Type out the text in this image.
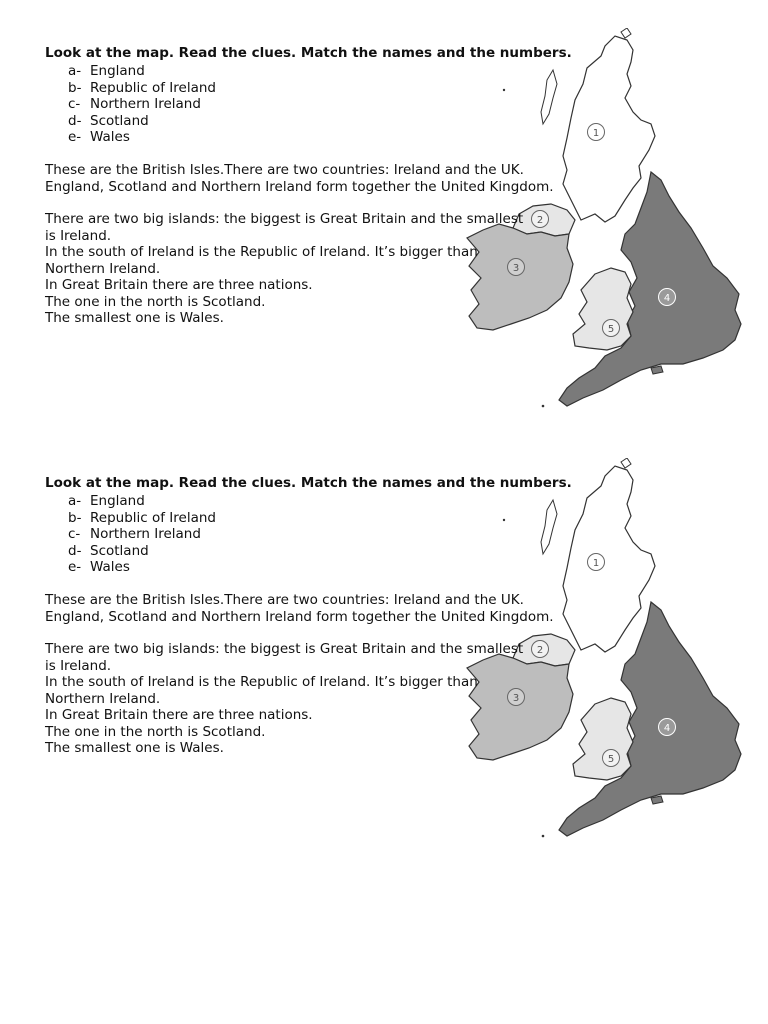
1
2
3
4
5

Look at the map. Read the clues. Match the names and the numbers.

a- England
b- Republic of Ireland
c- Northern Ireland
d- Scotland
e- Wales

These are the British Isles.There are two countries: Ireland and the UK.
England, Scotland and Northern Ireland form together the United Kingdom.

There are two big islands: the biggest is Great Britain and the smallest
is Ireland.
In the south of Ireland is the Republic of Ireland. It’s bigger than
Northern Ireland.
In Great Britain there are three nations.
The one in the north is Scotland.
The smallest one is Wales.

1
2
3
4
5

Look at the map. Read the clues. Match the names and the numbers.

a- England
b- Republic of Ireland
c- Northern Ireland
d- Scotland
e- Wales

These are the British Isles.There are two countries: Ireland and the UK.
England, Scotland and Northern Ireland form together the United Kingdom.

There are two big islands: the biggest is Great Britain and the smallest
is Ireland.
In the south of Ireland is the Republic of Ireland. It’s bigger than
Northern Ireland.
In Great Britain there are three nations.
The one in the north is Scotland.
The smallest one is Wales.
